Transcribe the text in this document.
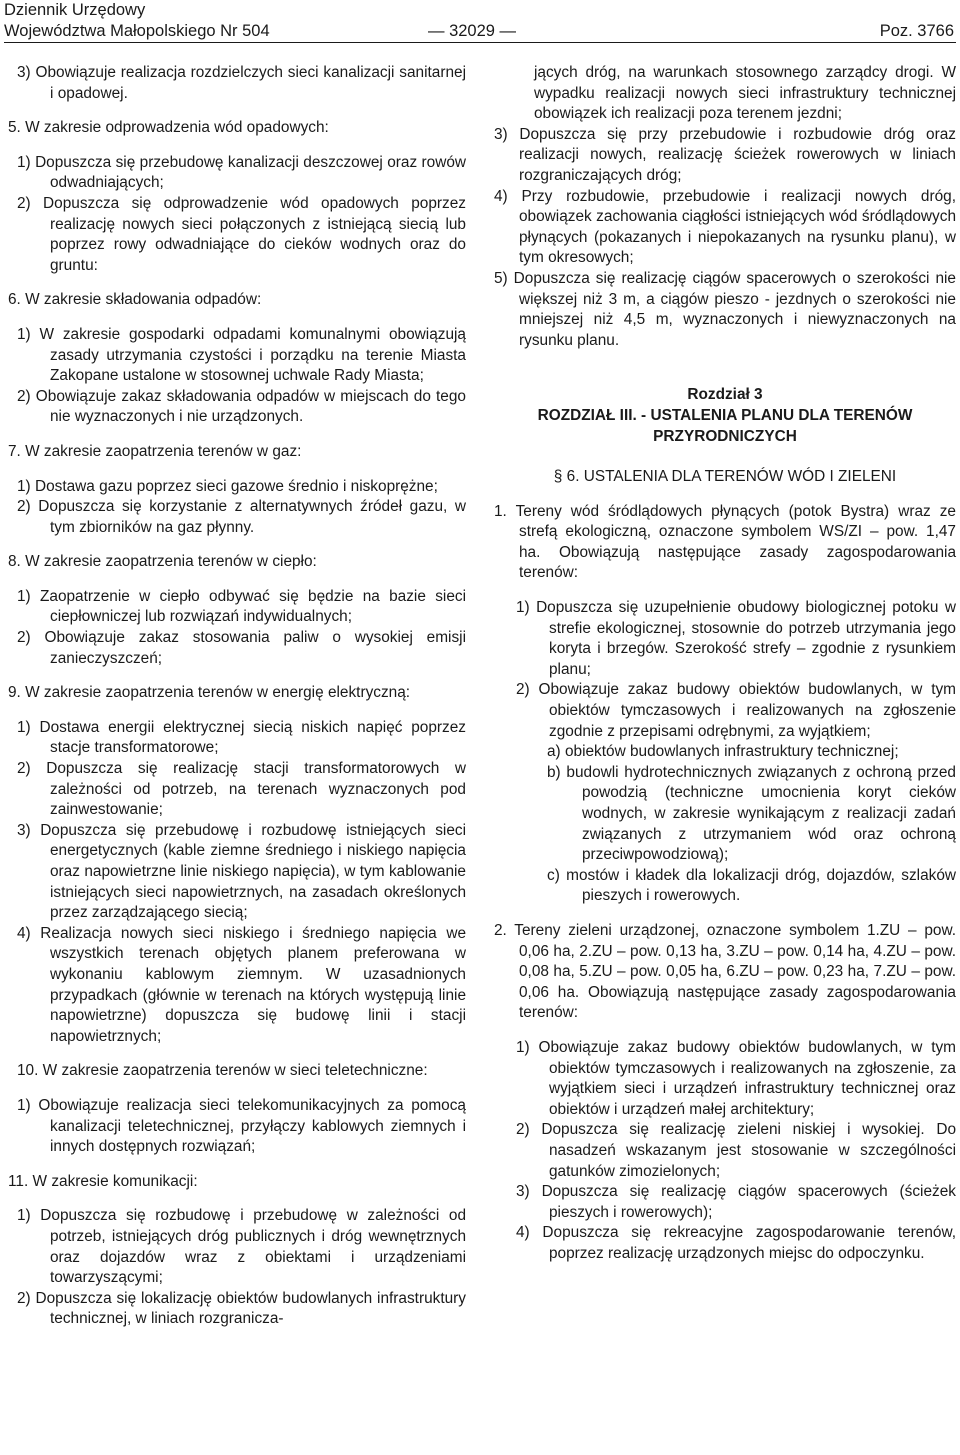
Dziennik Urzędowy
Województwa Małopolskiego Nr 504	— 32029 —	Poz. 3766

3) Obowiązuje realizacja rozdzielczych sieci kanalizacji sanitarnej i opadowej.

5. W zakresie odprowadzenia wód opadowych:

1) Dopuszcza się przebudowę kanalizacji deszczowej oraz rowów odwadniających;

2) Dopuszcza się odprowadzenie wód opadowych poprzez realizację nowych sieci połączonych z istniejącą siecią lub poprzez rowy odwadniające do cieków wodnych oraz do gruntu:

6. W zakresie składowania odpadów:

1) W zakresie gospodarki odpadami komunalnymi obowiązują zasady utrzymania czystości i porządku na terenie Miasta Zakopane ustalone w stosownej uchwale Rady Miasta;

2) Obowiązuje zakaz składowania odpadów w miejscach do tego nie wyznaczonych i nie urządzonych.

7. W zakresie zaopatrzenia terenów w gaz:

1) Dostawa gazu poprzez sieci gazowe średnio i niskoprężne;

2) Dopuszcza się korzystanie z alternatywnych źródeł gazu, w tym zbiorników na gaz płynny.

8. W zakresie zaopatrzenia terenów w ciepło:

1) Zaopatrzenie w ciepło odbywać się będzie na bazie sieci ciepłowniczej lub rozwiązań indywidualnych;

2) Obowiązuje zakaz stosowania paliw o wysokiej emisji zanieczyszczeń;

9. W zakresie zaopatrzenia terenów w energię elektryczną:

1) Dostawa energii elektrycznej siecią niskich napięć poprzez stacje transformatorowe;

2) Dopuszcza się realizację stacji transformatorowych w zależności od potrzeb, na terenach wyznaczonych pod zainwestowanie;

3) Dopuszcza się przebudowę i rozbudowę istniejących sieci energetycznych (kable ziemne średniego i niskiego napięcia oraz napowietrzne linie niskiego napięcia), w tym kablowanie istniejących sieci napowietrznych, na zasadach określonych przez zarządzającego siecią;

4) Realizacja nowych sieci niskiego i średniego napięcia we wszystkich terenach objętych planem preferowana w wykonaniu kablowym ziemnym. W uzasadnionych przypadkach (głównie w terenach na których występują linie napowietrzne) dopuszcza się budowę linii i stacji napowietrznych;

10. W zakresie zaopatrzenia terenów w sieci teletechniczne:

1) Obowiązuje realizacja sieci telekomunikacyjnych za pomocą kanalizacji teletechnicznej, przyłączy kablowych ziemnych i innych dostępnych rozwiązań;

11. W zakresie komunikacji:

1) Dopuszcza się rozbudowę i przebudowę w zależności od potrzeb, istniejących dróg publicznych i dróg wewnętrznych oraz dojazdów wraz z obiektami i urządzeniami towarzyszącymi;

2) Dopuszcza się lokalizację obiektów budowlanych infrastruktury technicznej, w liniach rozgranicza-

jących dróg, na warunkach stosownego zarządcy drogi. W wypadku realizacji nowych sieci infrastruktury technicznej obowiązek ich realizacji poza terenem jezdni;

3) Dopuszcza się przy przebudowie i rozbudowie dróg oraz realizacji nowych, realizację ścieżek rowerowych w liniach rozgraniczających dróg;

4) Przy rozbudowie, przebudowie i realizacji nowych dróg, obowiązek zachowania ciągłości istniejących wód śródlądowych płynących (pokazanych i niepokazanych na rysunku planu), w tym okresowych;

5) Dopuszcza się realizację ciągów spacerowych o szerokości nie większej niż 3 m, a ciągów pieszo - jezdnych o szerokości nie mniejszej niż 4,5 m, wyznaczonych i niewyznaczonych na rysunku planu.

Rozdział 3

ROZDZIAŁ III. - USTALENIA PLANU DLA TERENÓW PRZYRODNICZYCH

§ 6. USTALENIA DLA TERENÓW WÓD I ZIELENI

1. Tereny wód śródlądowych płynących (potok Bystra) wraz ze strefą ekologiczną, oznaczone symbolem WS/ZI – pow. 1,47 ha. Obowiązują następujące zasady zagospodarowania terenów:

1) Dopuszcza się uzupełnienie obudowy biologicznej potoku w strefie ekologicznej, stosownie do potrzeb utrzymania jego koryta i brzegów. Szerokość strefy – zgodnie z rysunkiem planu;

2) Obowiązuje zakaz budowy obiektów budowlanych, w tym obiektów tymczasowych i realizowanych na zgłoszenie zgodnie z przepisami odrębnymi, za wyjątkiem;

a) obiektów budowlanych infrastruktury technicznej;

b) budowli hydrotechnicznych związanych z ochroną przed powodzią (techniczne umocnienia koryt cieków wodnych, w zakresie wynikającym z realizacji zadań związanych z utrzymaniem wód oraz ochroną przeciwpowodziową);

c) mostów i kładek dla lokalizacji dróg, dojazdów, szlaków pieszych i rowerowych.

2. Tereny zieleni urządzonej, oznaczone symbolem 1.ZU – pow. 0,06 ha, 2.ZU – pow. 0,13 ha, 3.ZU – pow. 0,14 ha, 4.ZU – pow. 0,08 ha, 5.ZU – pow. 0,05 ha, 6.ZU – pow. 0,23 ha, 7.ZU – pow. 0,06 ha. Obowiązują następujące zasady zagospodarowania terenów:

1) Obowiązuje zakaz budowy obiektów budowlanych, w tym obiektów tymczasowych i realizowanych na zgłoszenie, za wyjątkiem sieci i urządzeń infrastruktury technicznej oraz obiektów i urządzeń małej architektury;

2) Dopuszcza się realizację zieleni niskiej i wysokiej. Do nasadzeń wskazanym jest stosowanie w szczególności gatunków zimozielonych;

3) Dopuszcza się realizację ciągów spacerowych (ścieżek pieszych i rowerowych);

4) Dopuszcza się rekreacyjne zagospodarowanie terenów, poprzez realizację urządzonych miejsc do odpoczynku.
